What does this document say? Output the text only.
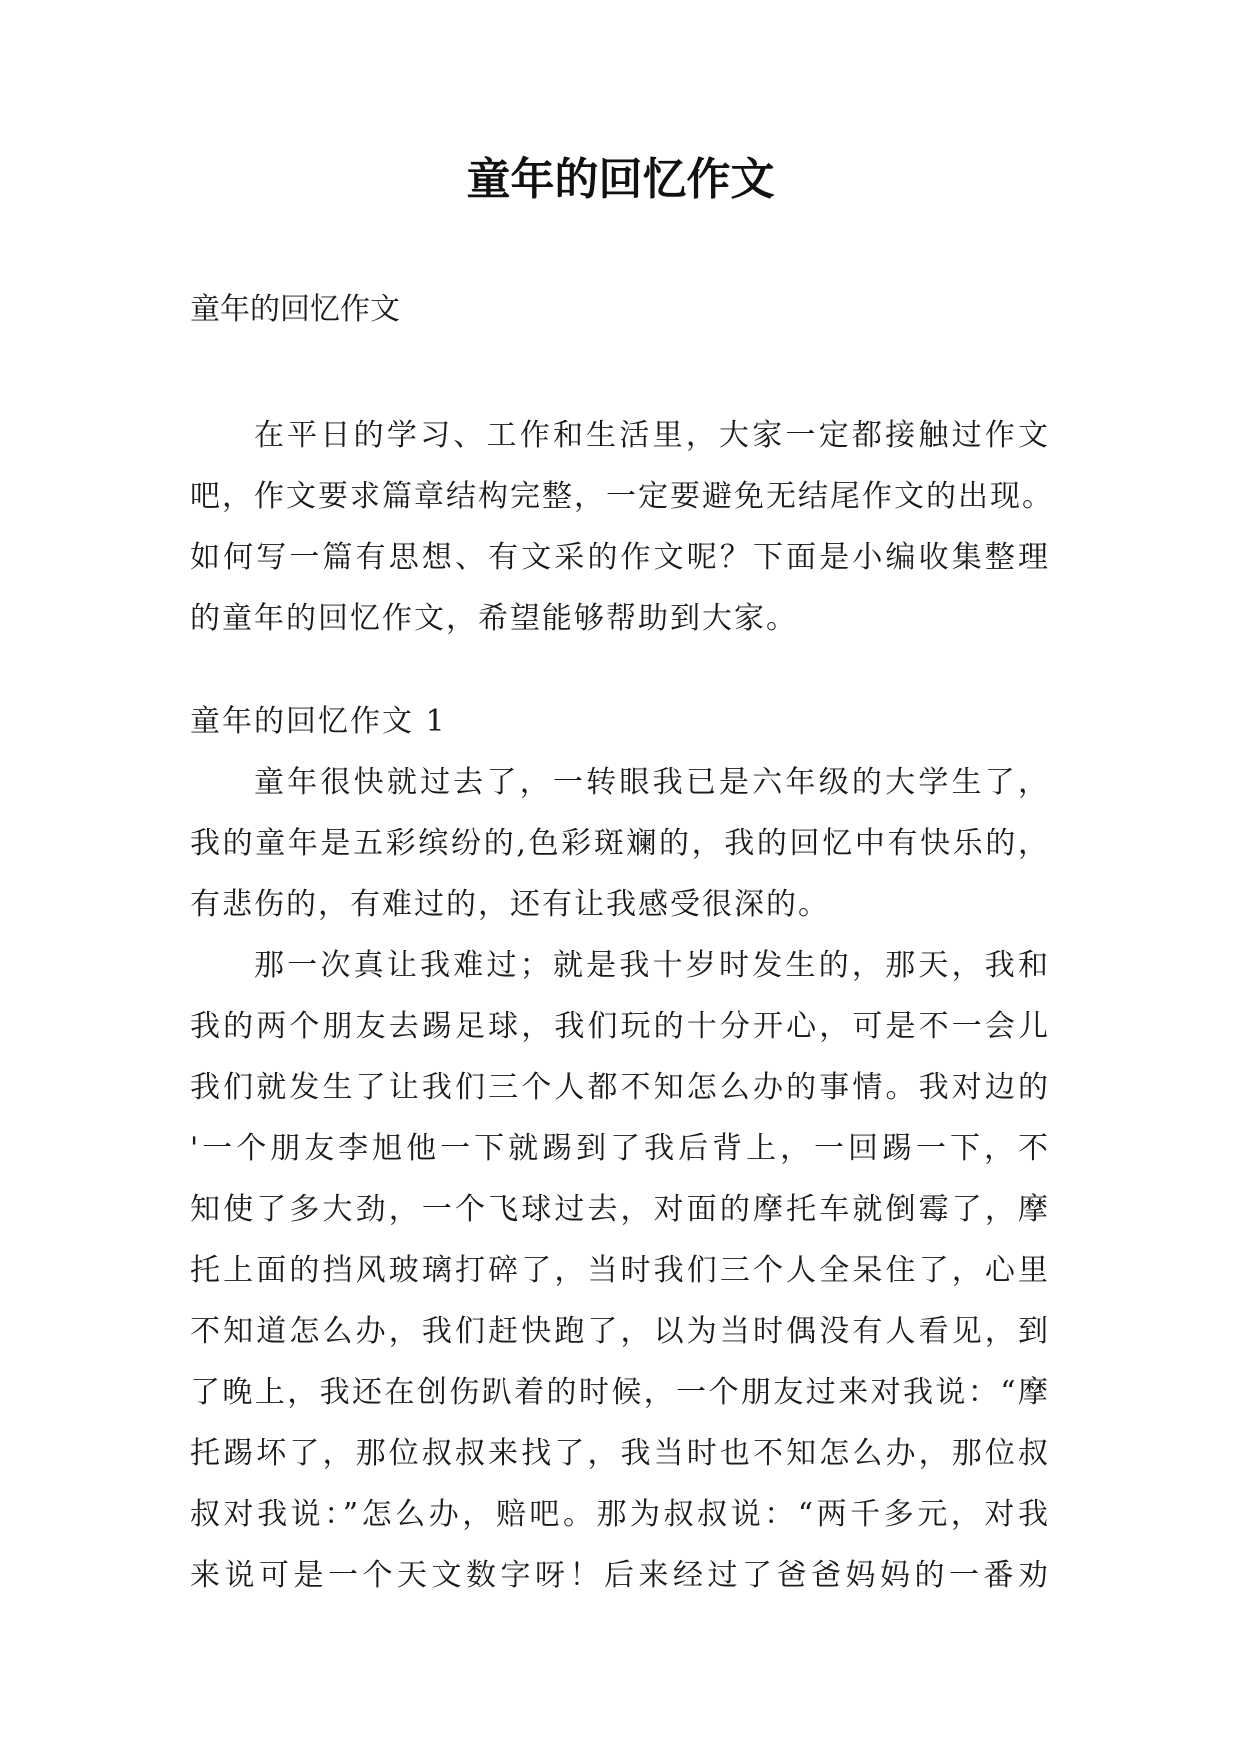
童年的回忆作文

童年的回忆作文

在平日的学习、工作和生活里，大家一定都接触过作文
吧，作文要求篇章结构完整，一定要避免无结尾作文的出现。
如何写一篇有思想、有文采的作文呢？下面是小编收集整理
的童年的回忆作文，希望能够帮助到大家。

童年的回忆作文 1

童年很快就过去了，一转眼我已是六年级的大学生了，
我的童年是五彩缤纷的,色彩斑斓的，我的回忆中有快乐的，
有悲伤的，有难过的，还有让我感受很深的。
那一次真让我难过；就是我十岁时发生的，那天，我和
我的两个朋友去踢足球，我们玩的十分开心，可是不一会儿
我们就发生了让我们三个人都不知怎么办的事情。我对边的
'一个朋友李旭他一下就踢到了我后背上，一回踢一下，不
知使了多大劲，一个飞球过去，对面的摩托车就倒霉了，摩
托上面的挡风玻璃打碎了，当时我们三个人全呆住了，心里
不知道怎么办，我们赶快跑了，以为当时偶没有人看见，到
了晚上，我还在创伤趴着的时候，一个朋友过来对我说：“摩
托踢坏了，那位叔叔来找了，我当时也不知怎么办，那位叔
叔对我说：”怎么办，赔吧。那为叔叔说：“两千多元，对我
来说可是一个天文数字呀！后来经过了爸爸妈妈的一番劝
